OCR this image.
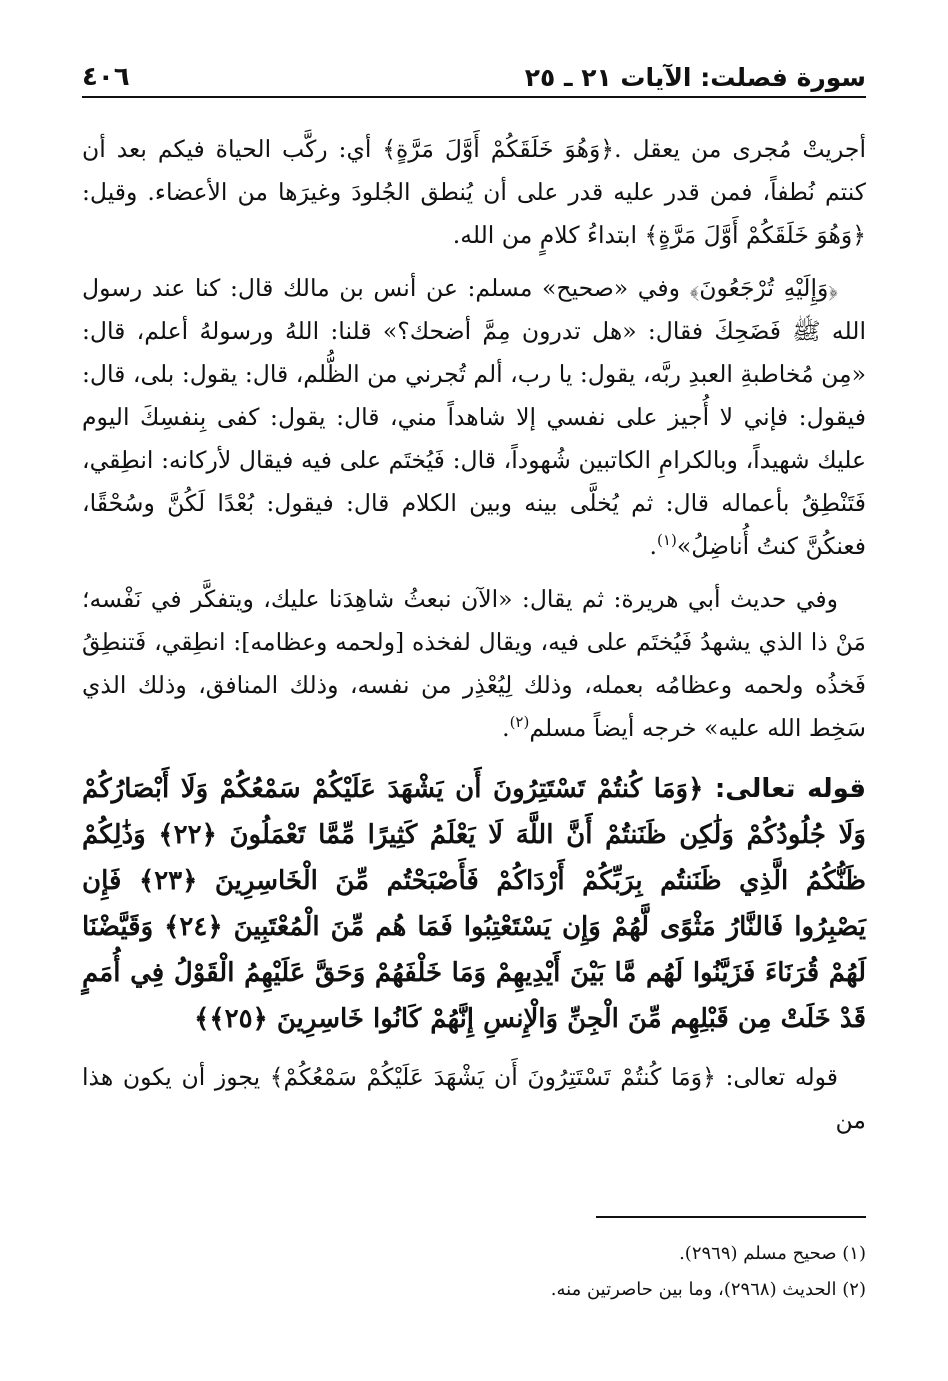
سورة فصلت: الآيات ٢١ ـ ٢٥
٤٠٦

أجريتْ مُجرى من يعقل .﴿وَهُوَ خَلَقَكُمْ أَوَّلَ مَرَّةٍ﴾ أي: ركَّب الحياة فيكم بعد أن كنتم نُطفاً، فمن قدر عليه قدر على أن يُنطق الجُلودَ وغيرَها من الأعضاء. وقيل: ﴿وَهُوَ خَلَقَكُمْ أَوَّلَ مَرَّةٍ﴾ ابتداءُ كلامٍ من الله.

﴿وَإِلَيْهِ تُرْجَعُونَ﴾ وفي «صحيح» مسلم: عن أنس بن مالك قال: كنا عند رسول الله ﷺ فَضَحِكَ فقال: «هل تدرون مِمَّ أضحك؟» قلنا: اللهُ ورسولهُ أعلم، قال: «مِن مُخاطبةِ العبدِ ربَّه، يقول: يا رب، ألم تُجرني من الظُّلم، قال: يقول: بلى، قال: فيقول: فإني لا أُجيز على نفسي إلا شاهداً مني، قال: يقول: كفى بِنفسِكَ اليوم عليك شهيداً، وبالكرامِ الكاتبين شُهوداً، قال: فَيُختَم على فيه فيقال لأركانه: انطِقي، فَتَنْطِقُ بأعماله قال: ثم يُخلَّى بينه وبين الكلام قال: فيقول: بُعْدًا لَكُنَّ وسُحْقًا، فعنكُنَّ كنتُ أُناضِلُ»$^{(١)}$.

وفي حديث أبي هريرة: ثم يقال: «الآن نبعثُ شاهِدَنا عليك، ويتفكَّر في نَفْسه؛ مَنْ ذا الذي يشهدُ فَيُختَم على فيه، ويقال لفخذه [ولحمه وعظامه]: انطِقي، فَتنطِقُ فَخذُه ولحمه وعظامُه بعمله، وذلك لِيُعْذِر من نفسه، وذلك المنافق، وذلك الذي سَخِط الله عليه» خرجه أيضاً مسلم$^{(٢)}$.

قوله تعالى: ﴿وَمَا كُنتُمْ تَسْتَتِرُونَ أَن يَشْهَدَ عَلَيْكُمْ سَمْعُكُمْ وَلَا أَبْصَارُكُمْ وَلَا جُلُودُكُمْ وَلَٰكِن ظَنَنتُمْ أَنَّ اللَّهَ لَا يَعْلَمُ كَثِيرًا مِّمَّا تَعْمَلُونَ ﴿٢٢﴾ وَذَٰلِكُمْ ظَنُّكُمُ الَّذِي ظَنَنتُم بِرَبِّكُمْ أَرْدَاكُمْ فَأَصْبَحْتُم مِّنَ الْخَاسِرِينَ ﴿٢٣﴾ فَإِن يَصْبِرُوا فَالنَّارُ مَثْوًى لَّهُمْ وَإِن يَسْتَعْتِبُوا فَمَا هُم مِّنَ الْمُعْتَبِينَ ﴿٢٤﴾ وَقَيَّضْنَا لَهُمْ قُرَنَاءَ فَزَيَّنُوا لَهُم مَّا بَيْنَ أَيْدِيهِمْ وَمَا خَلْفَهُمْ وَحَقَّ عَلَيْهِمُ الْقَوْلُ فِي أُمَمٍ قَدْ خَلَتْ مِن قَبْلِهِم مِّنَ الْجِنِّ وَالْإِنسِ إِنَّهُمْ كَانُوا خَاسِرِينَ ﴿٢٥﴾﴾

قوله تعالى: ﴿وَمَا كُنتُمْ تَسْتَتِرُونَ أَن يَشْهَدَ عَلَيْكُمْ سَمْعُكُمْ﴾ يجوز أن يكون هذا من

(١) صحيح مسلم (٢٩٦٩).
(٢) الحديث (٢٩٦٨)، وما بين حاصرتين منه.
